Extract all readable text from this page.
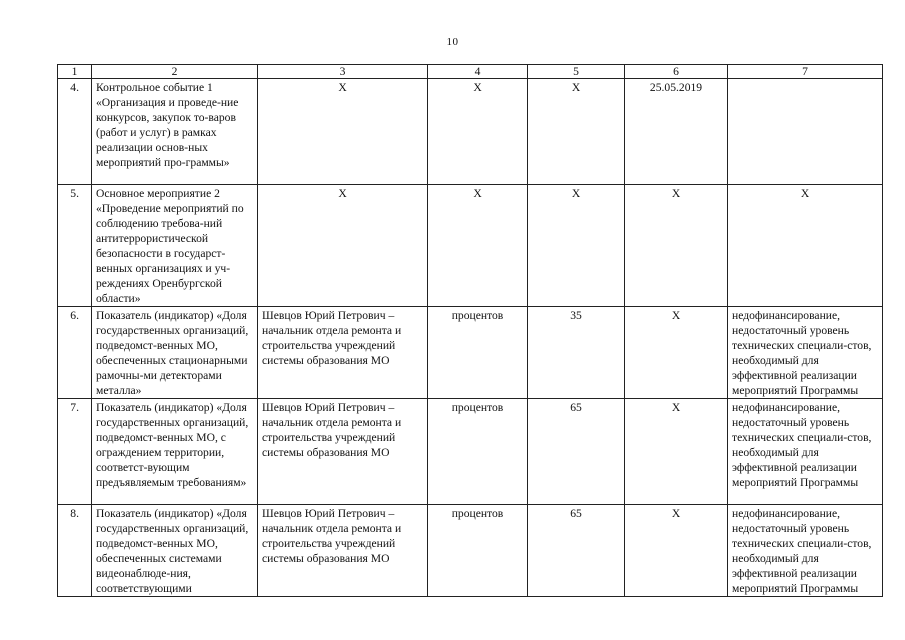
10
1	2	3	4	5	6	7
4.	Контрольное событие 1 «Организация и проведе-ние конкурсов, закупок то-варов (работ и услуг) в рамках реализации основ-ных мероприятий про-граммы»	Х	Х	Х	25.05.2019	
5.	Основное мероприятие 2 «Проведение мероприятий по соблюдению требова-ний антитеррористической безопасности в государст-венных организациях и уч-реждениях Оренбургской области»	Х	Х	Х	Х	Х
6.	Показатель (индикатор) «Доля государственных организаций, подведомст-венных МО, обеспеченных стационарными рамочны-ми детекторами металла»	Шевцов Юрий Петрович – начальник отдела ремонта и строительства учреждений системы образования МО	процентов	35	Х	недофинансирование, недостаточный уровень технических специали-стов, необходимый для эффективной реализации мероприятий Программы
7.	Показатель (индикатор) «Доля государственных организаций, подведомст-венных МО, с ограждением территории, соответст-вующим предъявляемым требованиям»	Шевцов Юрий Петрович – начальник отдела ремонта и строительства учреждений системы образования МО	процентов	65	Х	недофинансирование, недостаточный уровень технических специали-стов, необходимый для эффективной реализации мероприятий Программы
8.	Показатель (индикатор) «Доля государственных организаций, подведомст-венных МО, обеспеченных системами видеонаблюде-ния, соответствующими	Шевцов Юрий Петрович – начальник отдела ремонта и строительства учреждений системы образования МО	процентов	65	Х	недофинансирование, недостаточный уровень технических специали-стов, необходимый для эффективной реализации мероприятий Программы
